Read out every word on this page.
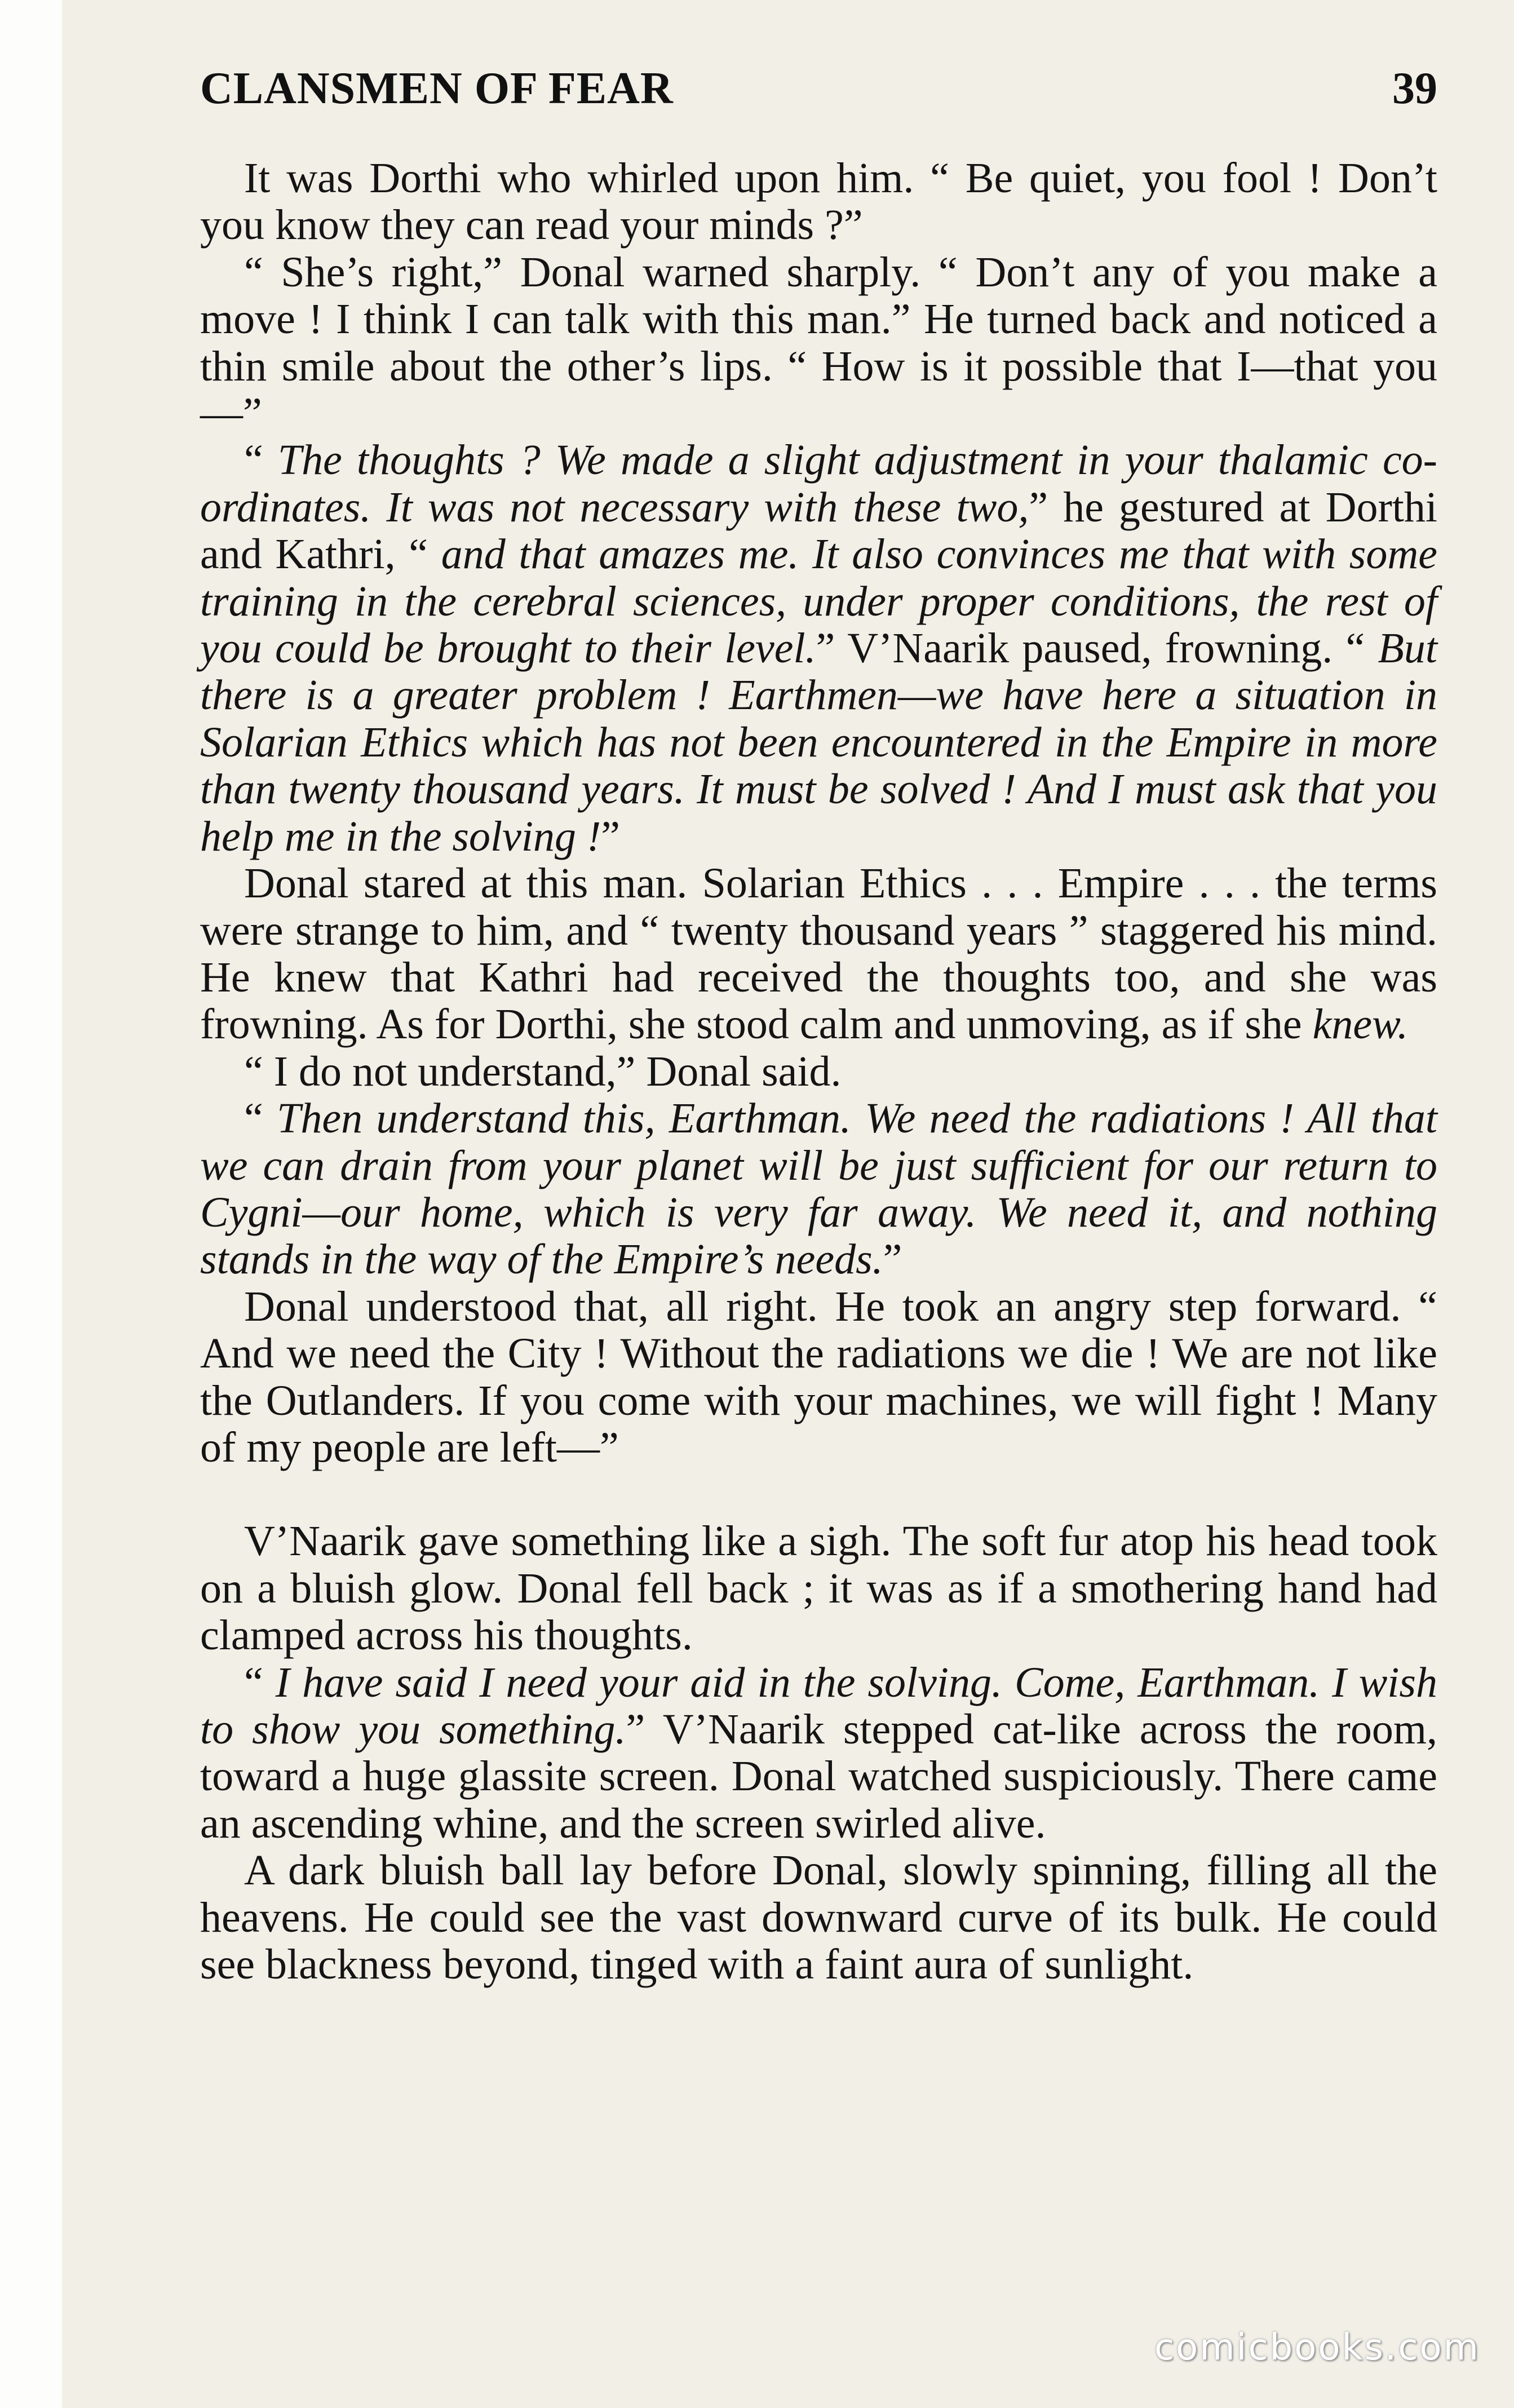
CLANSMEN OF FEAR	39

It was Dorthi who whirled upon him. “ Be quiet, you fool ! Don’t you know they can read your minds ?”

“ She’s right,” Donal warned sharply. “ Don’t any of you make a move ! I think I can talk with this man.” He turned back and noticed a thin smile about the other’s lips. “ How is it possible that I—that you—”

“ The thoughts ? We made a slight adjustment in your thalamic co-ordinates. It was not necessary with these two,” he gestured at Dorthi and Kathri, “ and that amazes me. It also convinces me that with some training in the cerebral sciences, under proper conditions, the rest of you could be brought to their level.” V’Naarik paused, frowning. “ But there is a greater problem ! Earthmen—we have here a situation in Solarian Ethics which has not been encountered in the Empire in more than twenty thousand years. It must be solved ! And I must ask that you help me in the solving !”

Donal stared at this man. Solarian Ethics . . . Empire . . . the terms were strange to him, and “ twenty thousand years ” staggered his mind. He knew that Kathri had received the thoughts too, and she was frowning. As for Dorthi, she stood calm and unmoving, as if she knew.

“ I do not understand,” Donal said.

“ Then understand this, Earthman. We need the radiations ! All that we can drain from your planet will be just sufficient for our return to Cygni—our home, which is very far away. We need it, and nothing stands in the way of the Empire’s needs.”

Donal understood that, all right. He took an angry step forward. “ And we need the City ! Without the radiations we die ! We are not like the Outlanders. If you come with your machines, we will fight ! Many of my people are left—”

V’Naarik gave something like a sigh. The soft fur atop his head took on a bluish glow. Donal fell back ; it was as if a smothering hand had clamped across his thoughts.

“ I have said I need your aid in the solving. Come, Earthman. I wish to show you something.” V’Naarik stepped cat-like across the room, toward a huge glassite screen. Donal watched suspiciously. There came an ascending whine, and the screen swirled alive.

A dark bluish ball lay before Donal, slowly spinning, filling all the heavens. He could see the vast downward curve of its bulk. He could see blackness beyond, tinged with a faint aura of sunlight.

comicbooks.com
